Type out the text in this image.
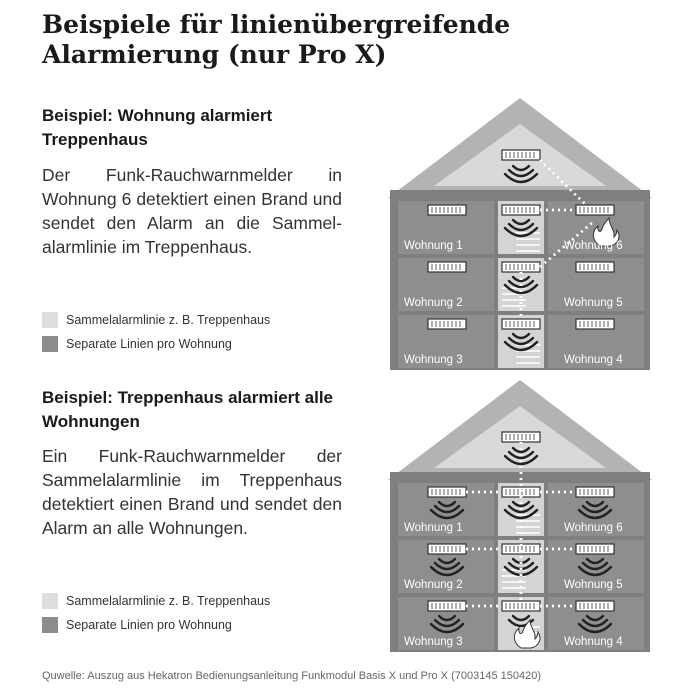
Beispiele für linienübergreifende Alarmierung (nur Pro X)
Beispiel: Wohnung alarmiert Treppenhaus

Der Funk-Rauchwarnmelder in Wohnung 6 detektiert einen Brand und sendet den Alarm an die Sammel-alarmlinie im Treppenhaus.

Sammelalarmlinie z. B. Treppenhaus
Separate Linien pro Wohnung
Beispiel: Treppenhaus alarmiert alle Wohnungen

Ein Funk-Rauchwarnmelder der Sammelalarmlinie im Treppenhaus detektiert einen Brand und sendet den Alarm an alle Wohnungen.

Sammelalarmlinie z. B. Treppenhaus
Separate Linien pro Wohnung
Wohnung 1
Wohnung 2
Wohnung 3
Wohnung 6
Wohnung 5
Wohnung 4
Wohnung 1
Wohnung 2
Wohnung 3
Wohnung 6
Wohnung 5
Wohnung 4
Quwelle: Auszug aus Hekatron Bedienungsanleitung Funkmodul Basis X und Pro X (7003145 150420)
